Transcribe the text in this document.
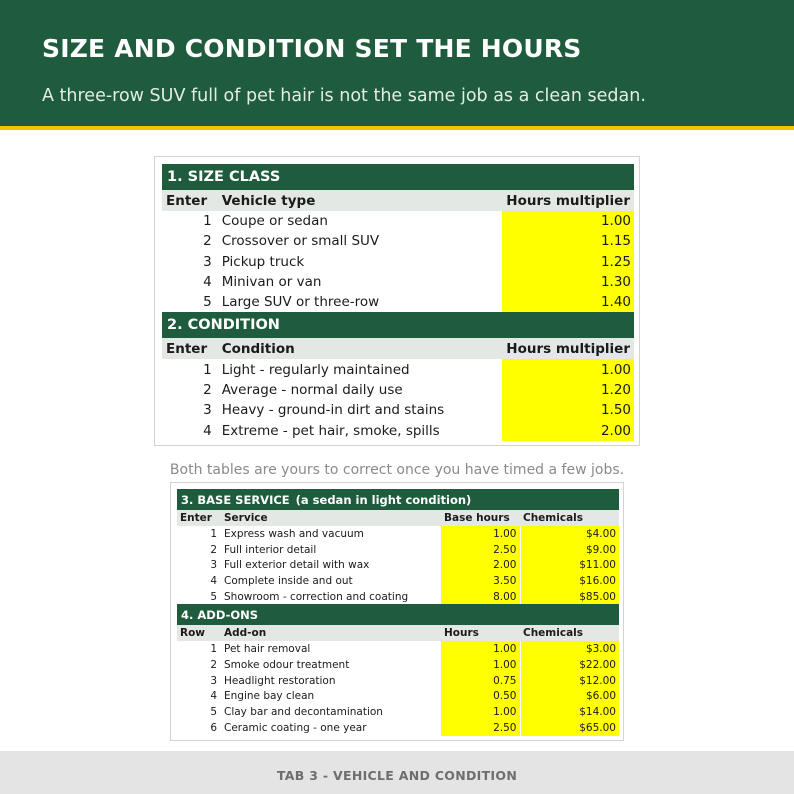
SIZE AND CONDITION SET THE HOURS

A three-row SUV full of pet hair is not the same job as a clean sedan.

1. SIZE CLASS		
Enter	Vehicle type	Hours multiplier
1	Coupe or sedan	1.00
2	Crossover or small SUV	1.15
3	Pickup truck	1.25
4	Minivan or van	1.30
5	Large SUV or three-row	1.40
2. CONDITION		
Enter	Condition	Hours multiplier
1	Light - regularly maintained	1.00
2	Average - normal daily use	1.20
3	Heavy - ground-in dirt and stains	1.50
4	Extreme - pet hair, smoke, spills	2.00
Both tables are yours to correct once you have timed a few jobs.
3. BASE SERVICE (a sedan in light condition)			
Enter	Service	Base hours	Chemicals
1	Express wash and vacuum	1.00	$4.00
2	Full interior detail	2.50	$9.00
3	Full exterior detail with wax	2.00	$11.00
4	Complete inside and out	3.50	$16.00
5	Showroom - correction and coating	8.00	$85.00
4. ADD-ONS			
Row	Add-on	Hours	Chemicals
1	Pet hair removal	1.00	$3.00
2	Smoke odour treatment	1.00	$22.00
3	Headlight restoration	0.75	$12.00
4	Engine bay clean	0.50	$6.00
5	Clay bar and decontamination	1.00	$14.00
6	Ceramic coating - one year	2.50	$65.00
TAB 3 - VEHICLE AND CONDITION
